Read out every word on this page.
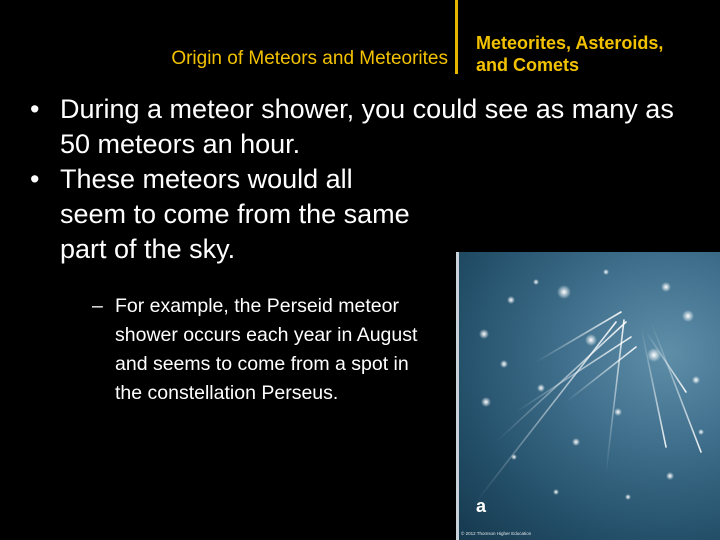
Origin of Meteors and Meteorites
Meteorites, Asteroids,
and Comets
• During a meteor shower, you could see as many as 50 meteors an hour.
• These meteors would all seem to come from the same part of the sky.
– For example, the Perseid meteor shower occurs each year in August and seems to come from a spot in the constellation Perseus.
a
© 2012 Thomson Higher Education
